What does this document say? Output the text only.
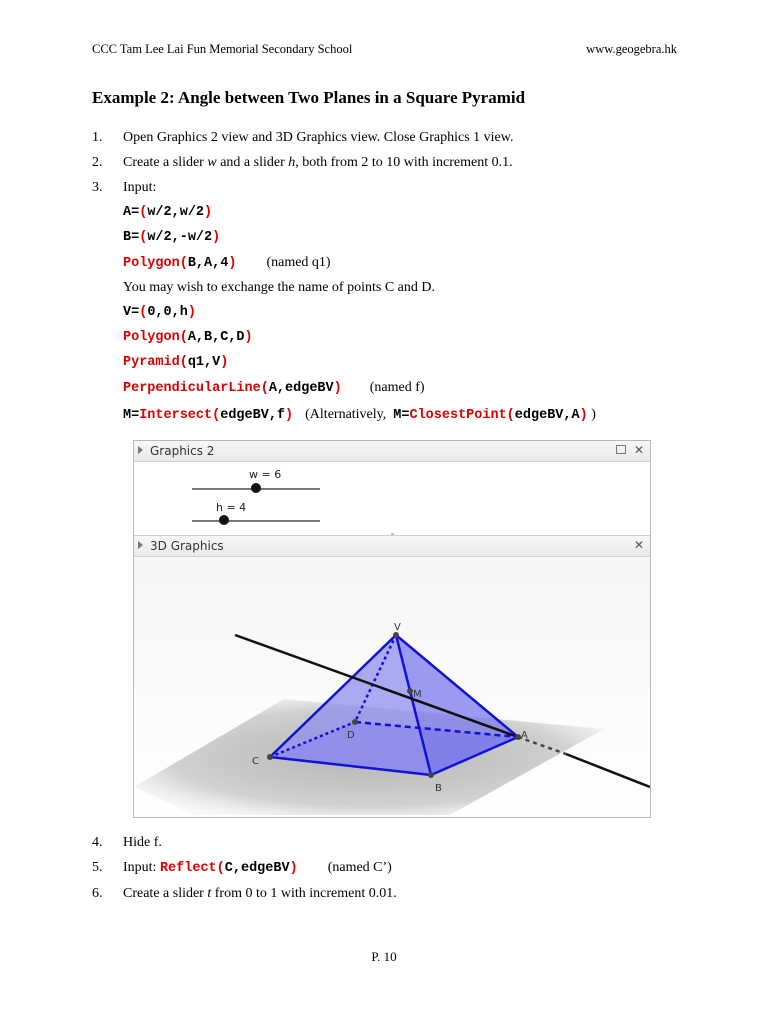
CCC Tam Lee Lai Fun Memorial Secondary School	www.geogebra.hk
Example 2: Angle between Two Planes in a Square Pyramid
1. Open Graphics 2 view and 3D Graphics view. Close Graphics 1 view.
2. Create a slider w and a slider h, both from 2 to 10 with increment 0.1.
3. Input:
A=(w/2,w/2)
B=(w/2,-w/2)
Polygon(B,A,4) (named q1)
You may wish to exchange the name of points C and D.
V=(0,0,h)
Polygon(A,B,C,D)
Pyramid(q1,V)
PerpendicularLine(A,edgeBV) (named f)
M=Intersect(edgeBV,f) (Alternatively, M=ClosestPoint(edgeBV,A) )
Graphics 2	✕
w = 6
h = 4
3D Graphics	✕
V
M
D	A
C
B
4. Hide f.
5. Input: Reflect(C,edgeBV) (named C’)
6. Create a slider t from 0 to 1 with increment 0.01.
P. 10
